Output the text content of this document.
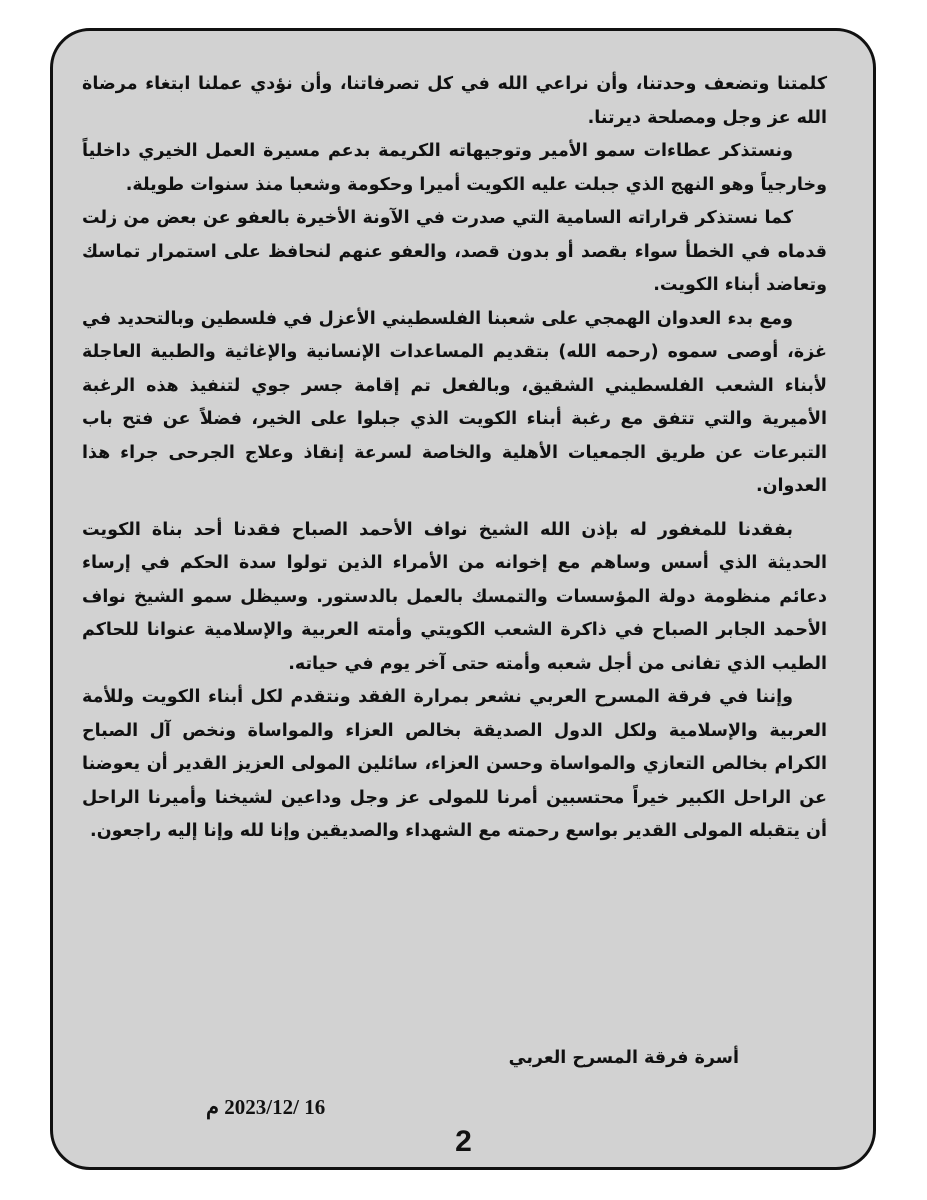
كلمتنا وتضعف وحدتنا، وأن نراعي الله في كل تصرفاتنا، وأن نؤدي عملنا ابتغاء مرضاة الله عز وجل ومصلحة ديرتنا.

ونستذكر عطاءات سمو الأمير وتوجيهاته الكريمة بدعم مسيرة العمل الخيري داخلياً وخارجياً وهو النهج الذي جبلت عليه الكويت أميرا وحكومة وشعبا منذ سنوات طويلة.

كما نستذكر قراراته السامية التي صدرت في الآونة الأخيرة بالعفو عن بعض من زلت قدماه في الخطأ سواء بقصد أو بدون قصد، والعفو عنهم لنحافظ على استمرار تماسك وتعاضد أبناء الكويت.

ومع بدء العدوان الهمجي على شعبنا الفلسطيني الأعزل في فلسطين وبالتحديد في غزة، أوصى سموه (رحمه الله) بتقديم المساعدات الإنسانية والإغاثية والطبية العاجلة لأبناء الشعب الفلسطيني الشقيق، وبالفعل تم إقامة جسر جوي لتنفيذ هذه الرغبة الأميرية والتي تتفق مع رغبة أبناء الكويت الذي جبلوا على الخير، فضلاً عن فتح باب التبرعات عن طريق الجمعيات الأهلية والخاصة لسرعة إنقاذ وعلاج الجرحى جراء هذا العدوان.

بفقدنا للمغفور له بإذن الله الشيخ نواف الأحمد الصباح فقدنا أحد بناة الكويت الحديثة الذي أسس وساهم مع إخوانه من الأمراء الذين تولوا سدة الحكم في إرساء دعائم منظومة دولة المؤسسات والتمسك بالعمل بالدستور. وسيظل سمو الشيخ نواف الأحمد الجابر الصباح في ذاكرة الشعب الكويتي وأمته العربية والإسلامية عنوانا للحاكم الطيب الذي تفانى من أجل شعبه وأمته حتى آخر يوم في حياته.

وإننا في فرقة المسرح العربي نشعر بمرارة الفقد ونتقدم لكل أبناء الكويت وللأمة العربية والإسلامية ولكل الدول الصديقة بخالص العزاء والمواساة ونخص آل الصباح الكرام بخالص التعازي والمواساة وحسن العزاء، سائلين المولى العزيز القدير أن يعوضنا عن الراحل الكبير خيراً محتسبين أمرنا للمولى عز وجل وداعين لشيخنا وأميرنا الراحل أن يتقبله المولى القدير بواسع رحمته مع الشهداء والصديقين وإنا لله وإنا إليه راجعون.

أسرة فرقة المسرح العربي
16 /2023/12 م
2
